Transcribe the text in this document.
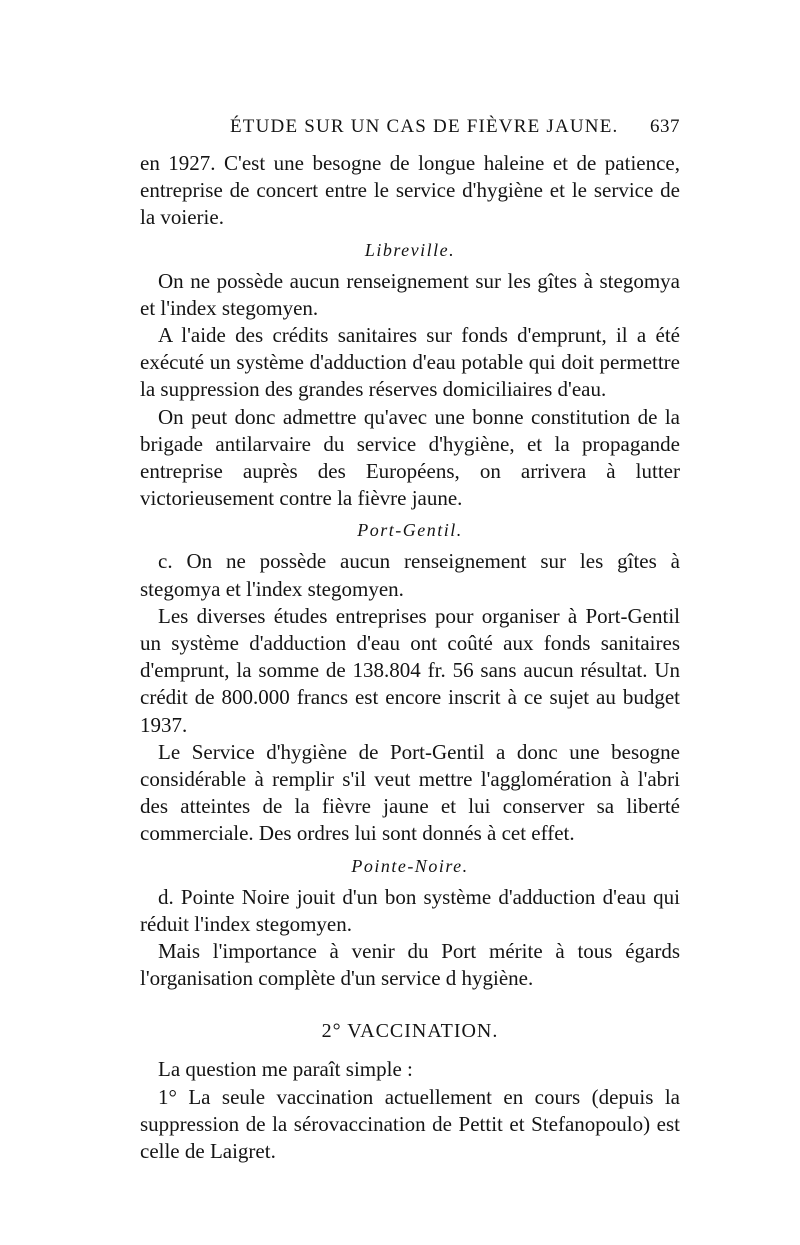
ÉTUDE SUR UN CAS DE FIÈVRE JAUNE. 637

en 1927. C'est une besogne de longue haleine et de patience, entreprise de concert entre le service d'hygiène et le service de la voierie.

Libreville.

On ne possède aucun renseignement sur les gîtes à stegomya et l'index stegomyen.

A l'aide des crédits sanitaires sur fonds d'emprunt, il a été exécuté un système d'adduction d'eau potable qui doit permettre la suppression des grandes réserves domiciliaires d'eau.

On peut donc admettre qu'avec une bonne constitution de la brigade antilarvaire du service d'hygiène, et la propagande entreprise auprès des Européens, on arrivera à lutter victorieusement contre la fièvre jaune.

Port-Gentil.

c. On ne possède aucun renseignement sur les gîtes à stegomya et l'index stegomyen.

Les diverses études entreprises pour organiser à Port-Gentil un système d'adduction d'eau ont coûté aux fonds sanitaires d'emprunt, la somme de 138.804 fr. 56 sans aucun résultat. Un crédit de 800.000 francs est encore inscrit à ce sujet au budget 1937.

Le Service d'hygiène de Port-Gentil a donc une besogne considérable à remplir s'il veut mettre l'agglomération à l'abri des atteintes de la fièvre jaune et lui conserver sa liberté commerciale. Des ordres lui sont donnés à cet effet.

Pointe-Noire.

d. Pointe Noire jouit d'un bon système d'adduction d'eau qui réduit l'index stegomyen.

Mais l'importance à venir du Port mérite à tous égards l'organisation complète d'un service d hygiène.

2° VACCINATION.

La question me paraît simple :

1° La seule vaccination actuellement en cours (depuis la suppression de la sérovaccination de Pettit et Stefanopoulo) est celle de Laigret.
